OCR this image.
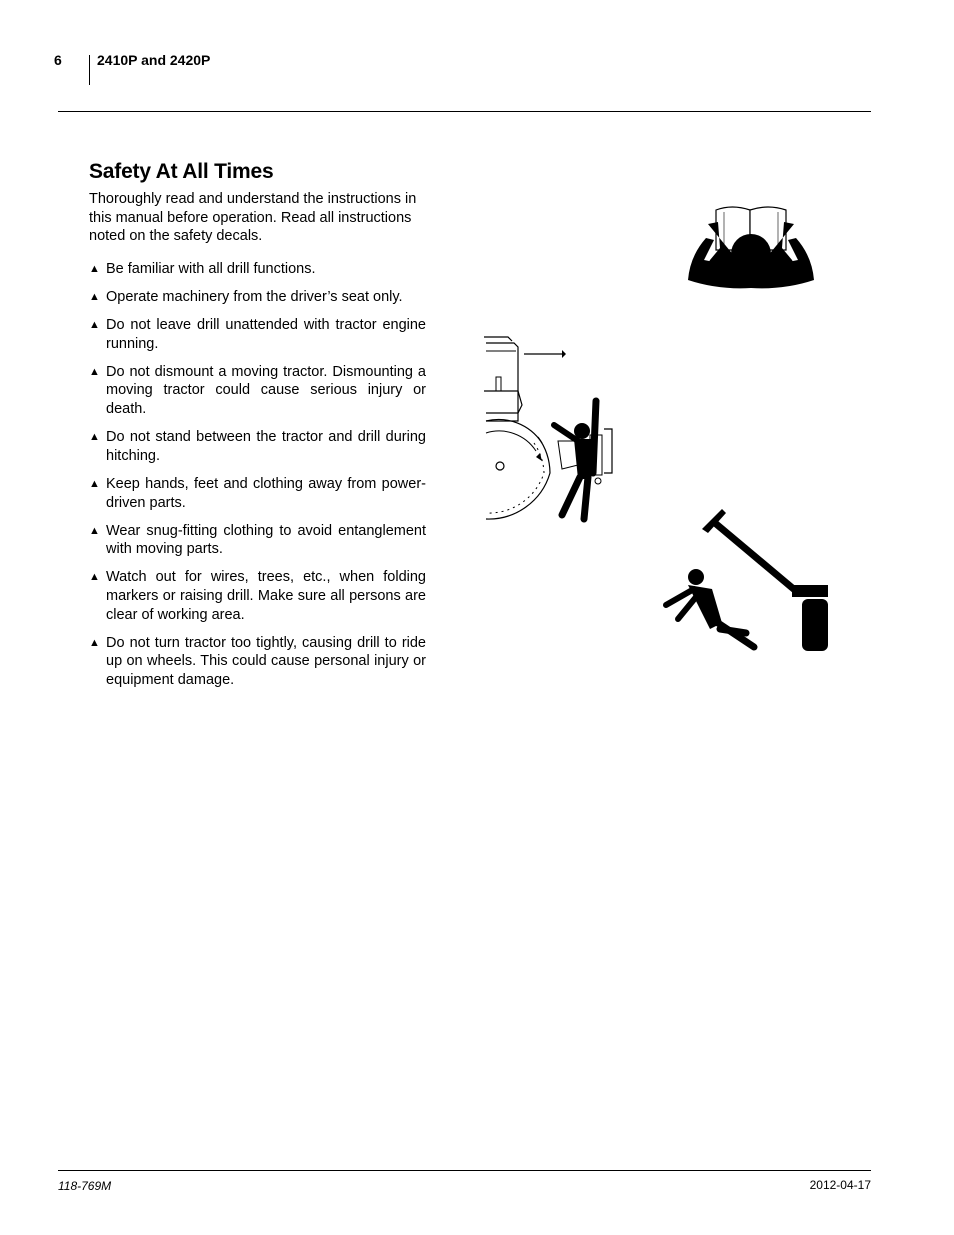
6	2410P and 2420P
Safety At All Times

Thoroughly read and understand the instructions in this manual before operation. Read all instructions noted on the safety decals.

▲ Be familiar with all drill functions.
▲ Operate machinery from the driver’s seat only.
▲ Do not leave drill unattended with tractor engine running.
▲ Do not dismount a moving tractor. Dismounting a moving tractor could cause serious injury or death.
▲ Do not stand between the tractor and drill during hitching.
▲ Keep hands, feet and clothing away from power-driven parts.
▲ Wear snug-fitting clothing to avoid entanglement with moving parts.
▲ Watch out for wires, trees, etc., when folding markers or raising drill. Make sure all persons are clear of working area.
▲ Do not turn tractor too tightly, causing drill to ride up on wheels. This could cause personal injury or equipment damage.
118-769M	2012-04-17
